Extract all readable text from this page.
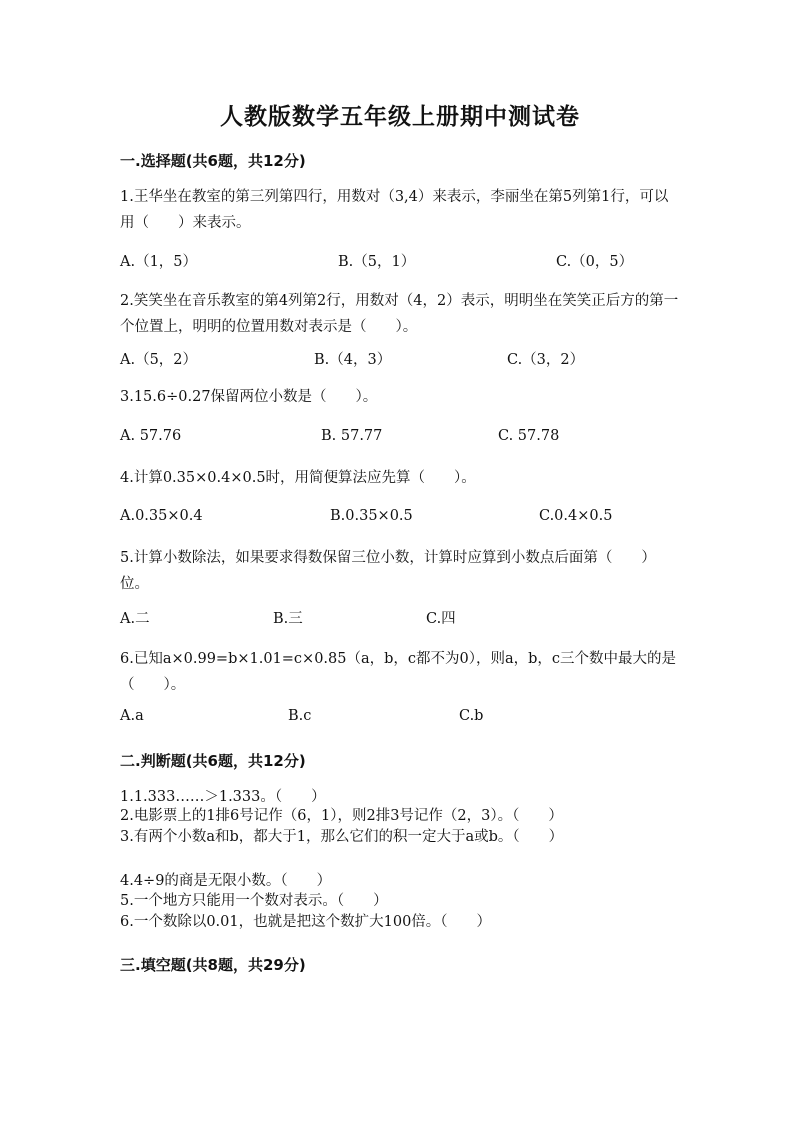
人教版数学五年级上册期中测试卷
一.选择题(共6题，共12分)
1.王华坐在教室的第三列第四行，用数对（3,4）来表示，李丽坐在第5列第1行，可以用（　　）来表示。
A.（1，5）	B.（5，1）	C.（0，5）
2.笑笑坐在音乐教室的第4列第2行，用数对（4，2）表示，明明坐在笑笑正后方的第一个位置上，明明的位置用数对表示是（　　）。
A.（5，2）	B.（4，3）	C.（3，2）
3.15.6÷0.27保留两位小数是（　　）。
A. 57.76	B. 57.77	C. 57.78
4.计算0.35×0.4×0.5时，用简便算法应先算（　　）。
A.0.35×0.4	B.0.35×0.5	C.0.4×0.5
5.计算小数除法，如果要求得数保留三位小数，计算时应算到小数点后面第（　　）位。
A.二	B.三	C.四
6.已知a×0.99=b×1.01=c×0.85（a，b，c都不为0），则a，b，c三个数中最大的是（　　）。
A.a	B.c	C.b
二.判断题(共6题，共12分)
1.1.333……＞1.333。（　　）
2.电影票上的1排6号记作（6，1），则2排3号记作（2，3）。（　　）
3.有两个小数a和b，都大于1，那么它们的积一定大于a或b。（　　）
4.4÷9的商是无限小数。（　　）
5.一个地方只能用一个数对表示。（　　）
6.一个数除以0.01，也就是把这个数扩大100倍。（　　）
三.填空题(共8题，共29分)
